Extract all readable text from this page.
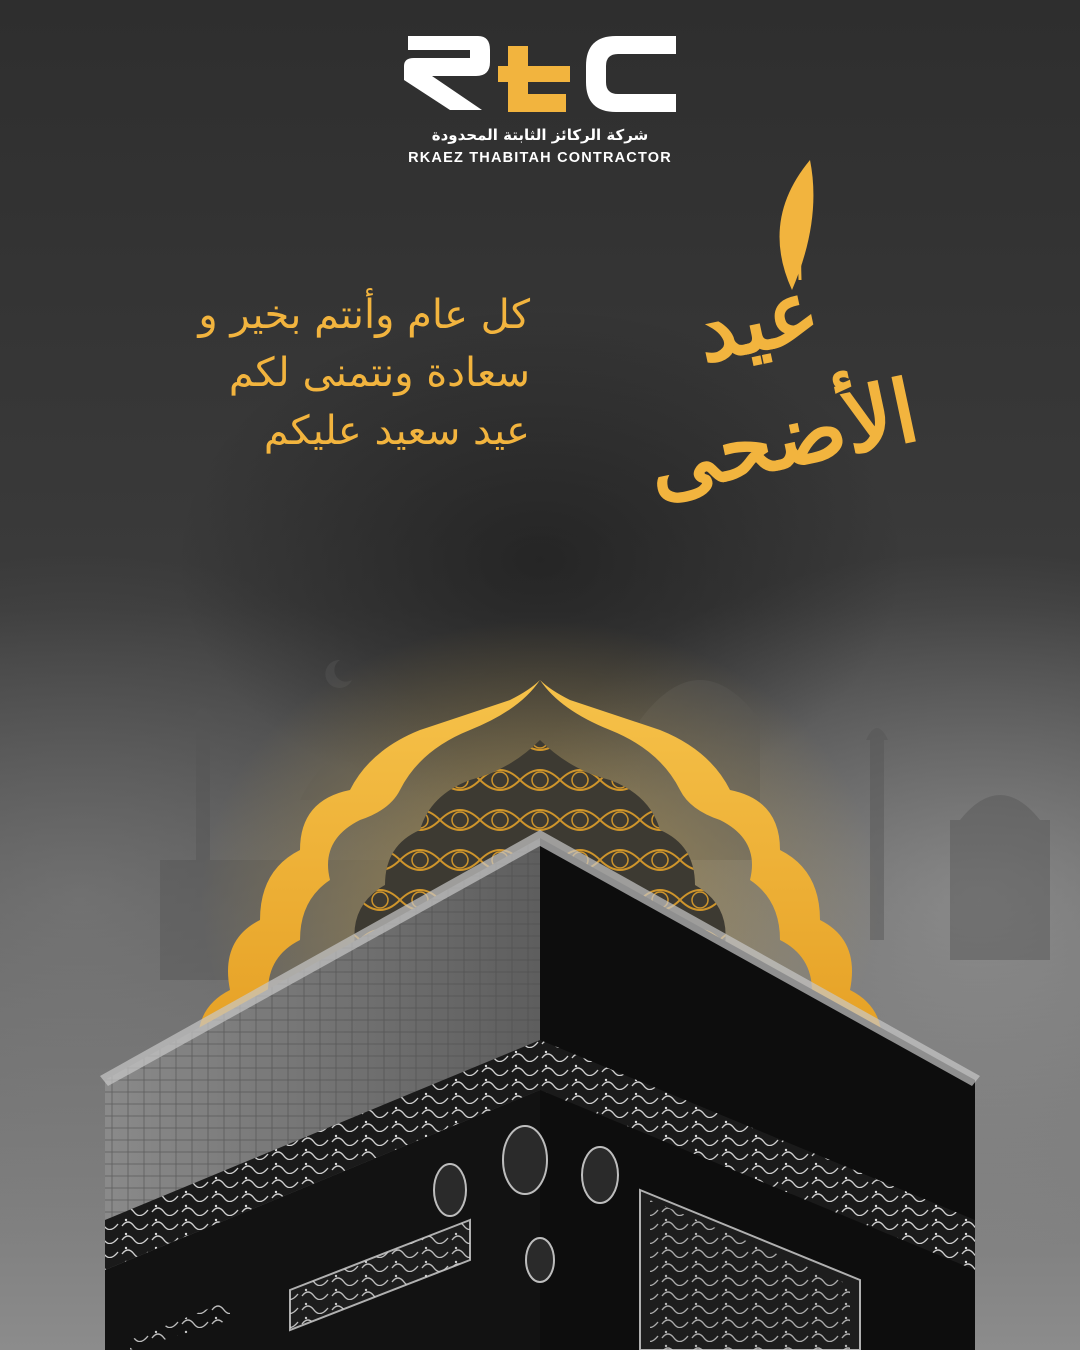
شركة الركائز الثابتة المحدودة
RKAEZ THABITAH CONTRACTOR
كل عام وأنتم بخير و
سعادة ونتمنى لكم
عيد سعيد عليكم
عيد الأضحى
